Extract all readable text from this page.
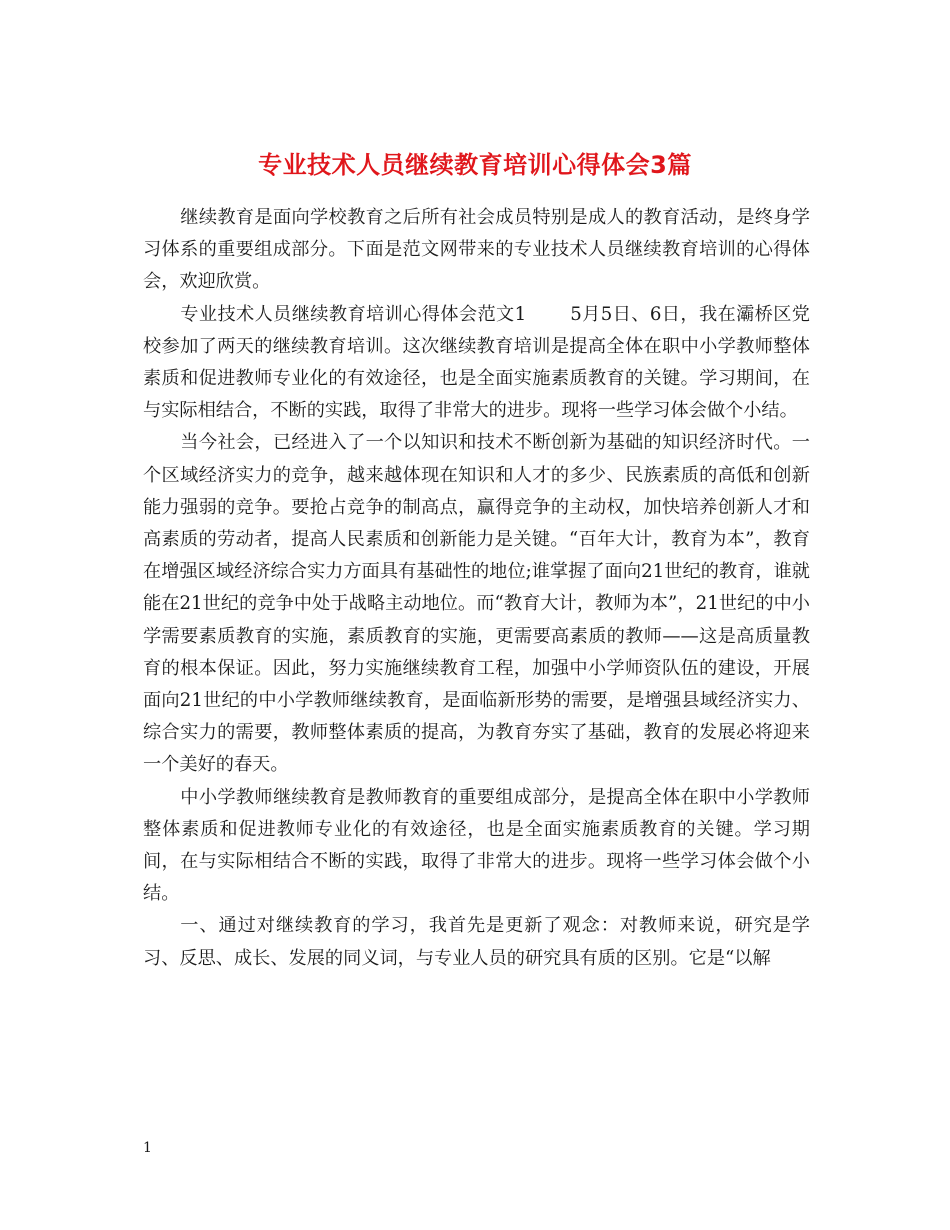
专业技术人员继续教育培训心得体会3篇

继续教育是面向学校教育之后所有社会成员特别是成人的教育活动，是终身学习体系的重要组成部分。下面是范文网带来的专业技术人员继续教育培训的心得体会，欢迎欣赏。

专业技术人员继续教育培训心得体会范文1 5月5日、6日，我在灞桥区党校参加了两天的继续教育培训。这次继续教育培训是提高全体在职中小学教师整体素质和促进教师专业化的有效途径，也是全面实施素质教育的关键。学习期间，在与实际相结合，不断的实践，取得了非常大的进步。现将一些学习体会做个小结。

当今社会，已经进入了一个以知识和技术不断创新为基础的知识经济时代。一个区域经济实力的竞争，越来越体现在知识和人才的多少、民族素质的高低和创新能力强弱的竞争。要抢占竞争的制高点，赢得竞争的主动权，加快培养创新人才和高素质的劳动者，提高人民素质和创新能力是关键。“百年大计，教育为本”，教育在增强区域经济综合实力方面具有基础性的地位;谁掌握了面向21世纪的教育，谁就能在21世纪的竞争中处于战略主动地位。而“教育大计，教师为本”，21世纪的中小学需要素质教育的实施，素质教育的实施，更需要高素质的教师——这是高质量教育的根本保证。因此，努力实施继续教育工程，加强中小学师资队伍的建设，开展面向21世纪的中小学教师继续教育，是面临新形势的需要，是增强县域经济实力、综合实力的需要，教师整体素质的提高，为教育夯实了基础，教育的发展必将迎来一个美好的春天。

中小学教师继续教育是教师教育的重要组成部分，是提高全体在职中小学教师整体素质和促进教师专业化的有效途径，也是全面实施素质教育的关键。学习期间，在与实际相结合不断的实践，取得了非常大的进步。现将一些学习体会做个小结。

一、通过对继续教育的学习，我首先是更新了观念：对教师来说，研究是学习、反思、成长、发展的同义词，与专业人员的研究具有质的区别。它是“以解

1
